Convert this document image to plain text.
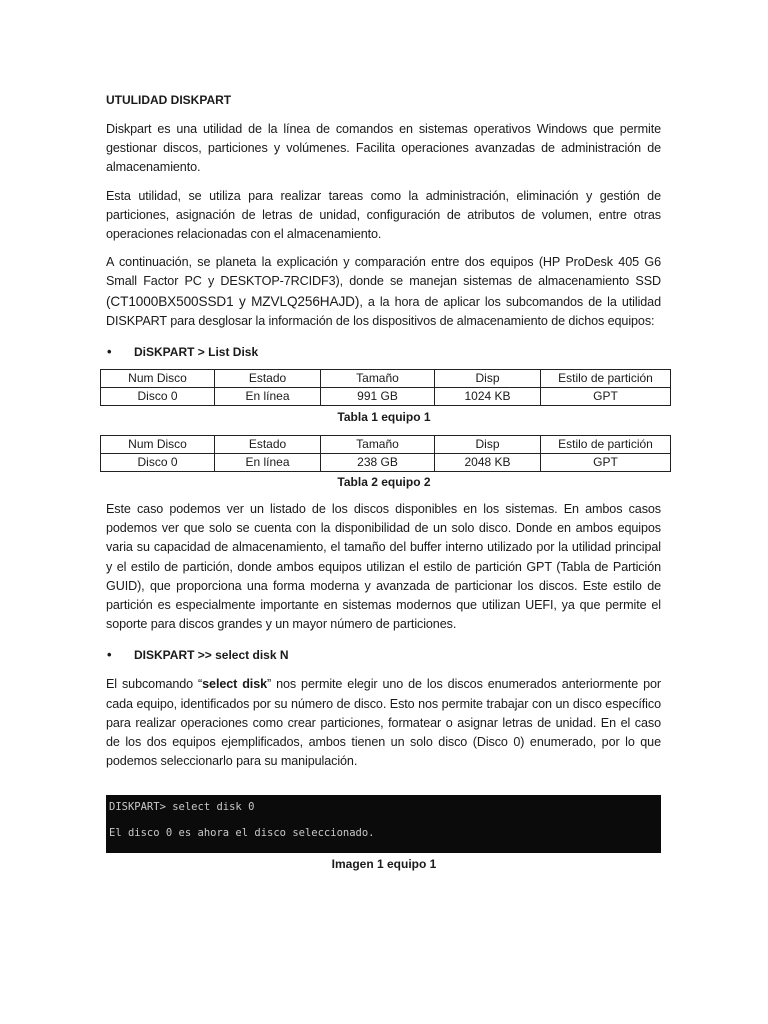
UTULIDAD DISKPART

Diskpart es una utilidad de la línea de comandos en sistemas operativos Windows que permite gestionar discos, particiones y volúmenes. Facilita operaciones avanzadas de administración de almacenamiento.

Esta utilidad, se utiliza para realizar tareas como la administración, eliminación y gestión de particiones, asignación de letras de unidad, configuración de atributos de volumen, entre otras operaciones relacionadas con el almacenamiento.

A continuación, se planeta la explicación y comparación entre dos equipos (HP ProDesk 405 G6 Small Factor PC y DESKTOP-7RCIDF3), donde se manejan sistemas de almacenamiento SSD (CT1000BX500SSD1 y MZVLQ256HAJD), a la hora de aplicar los subcomandos de la utilidad DISKPART para desglosar la información de los dispositivos de almacenamiento de dichos equipos:

•	DiSKPART > List Disk
Num Disco	Estado	Tamaño	Disp	Estilo de partición
Disco 0	En línea	991 GB	1024 KB	GPT
Tabla 1 equipo 1
Num Disco	Estado	Tamaño	Disp	Estilo de partición
Disco 0	En línea	238 GB	2048 KB	GPT
Tabla 2 equipo 2

Este caso podemos ver un listado de los discos disponibles en los sistemas. En ambos casos podemos ver que solo se cuenta con la disponibilidad de un solo disco. Donde en ambos equipos varia su capacidad de almacenamiento, el tamaño del buffer interno utilizado por la utilidad principal y el estilo de partición, donde ambos equipos utilizan el estilo de partición GPT (Tabla de Partición GUID), que proporciona una forma moderna y avanzada de particionar los discos. Este estilo de partición es especialmente importante en sistemas modernos que utilizan UEFI, ya que permite el soporte para discos grandes y un mayor número de particiones.

•	DISKPART >> select disk N

El subcomando “select disk” nos permite elegir uno de los discos enumerados anteriormente por cada equipo, identificados por su número de disco. Esto nos permite trabajar con un disco específico para realizar operaciones como crear particiones, formatear o asignar letras de unidad. En el caso de los dos equipos ejemplificados, ambos tienen un solo disco (Disco 0) enumerado, por lo que podemos seleccionarlo para su manipulación.

DISKPART> select disk 0
El disco 0 es ahora el disco seleccionado.
Imagen 1 equipo 1
